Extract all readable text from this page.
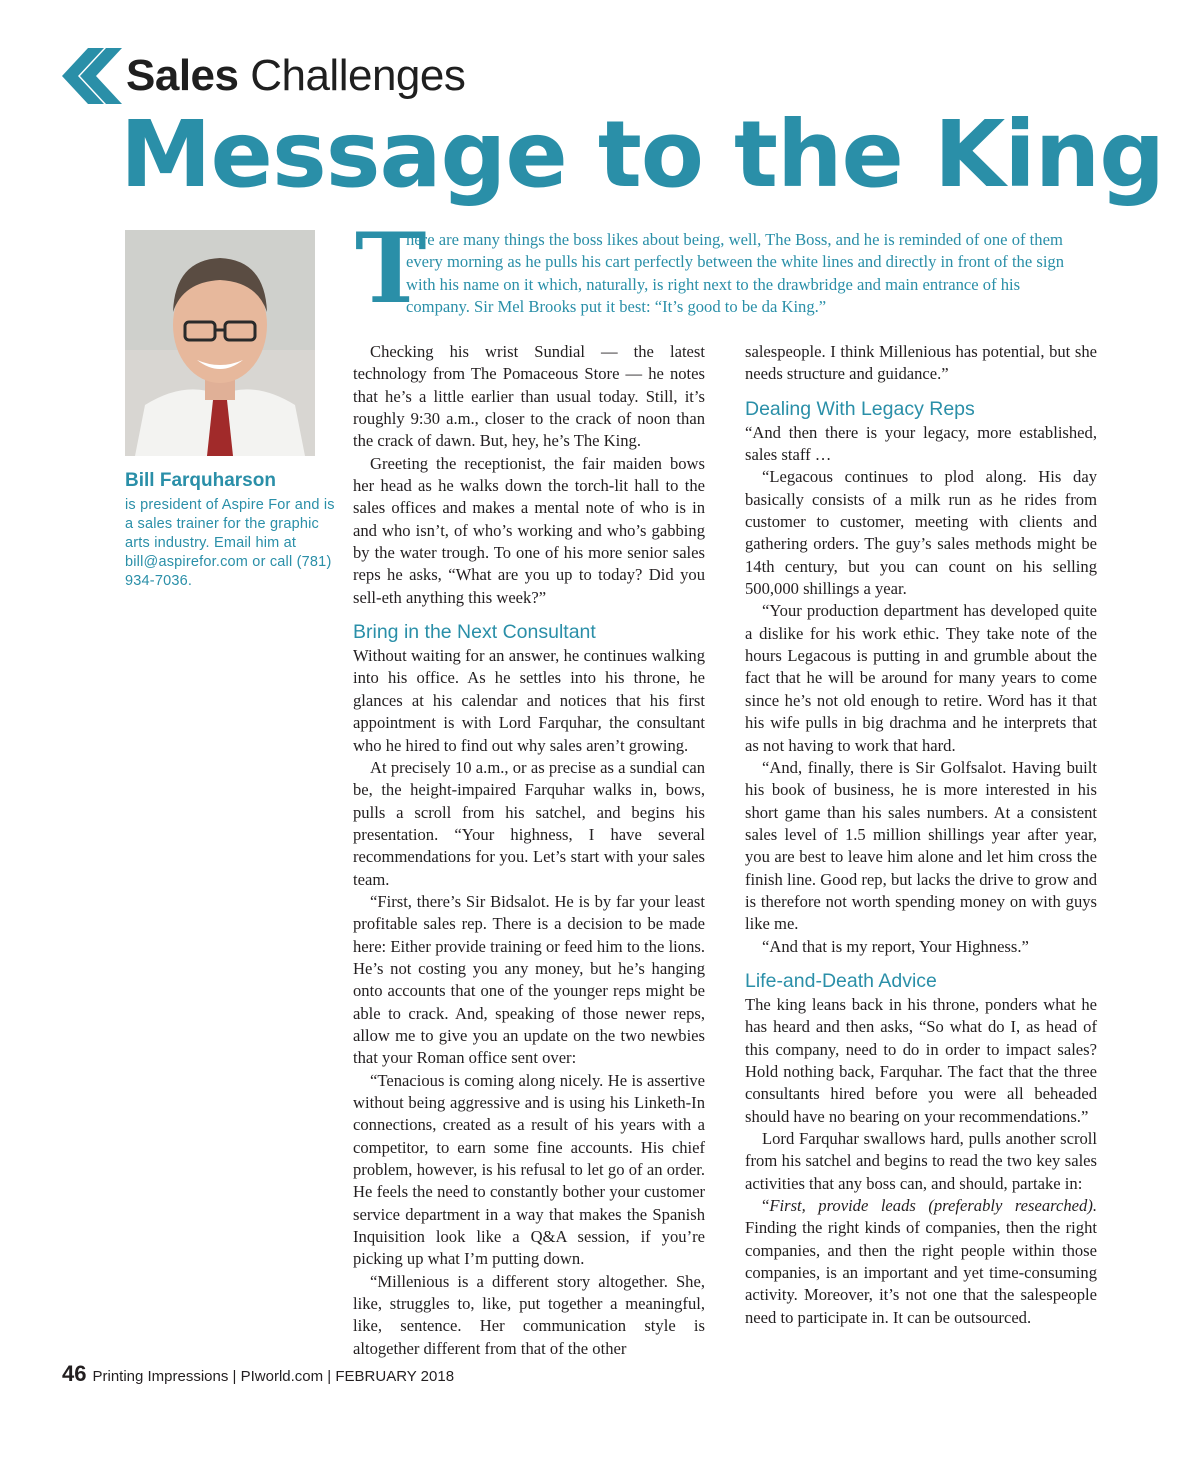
Sales Challenges
Message to the King

Bill Farquharson

is president of Aspire For and is a sales trainer for the graphic arts industry. Email him at bill@aspirefor.com or call (781) 934-7036.

T

here are many things the boss likes about being, well, The Boss, and he is reminded of one of them every morning as he pulls his cart perfectly between the white lines and directly in front of the sign with his name on it which, naturally, is right next to the drawbridge and main entrance of his company. Sir Mel Brooks put it best: “It’s good to be da King.”

Checking his wrist Sundial — the latest technology from The Pomaceous Store — he notes that he’s a little earlier than usual today. Still, it’s roughly 9:30 a.m., closer to the crack of noon than the crack of dawn. But, hey, he’s The King.

Greeting the receptionist, the fair maiden bows her head as he walks down the torch-lit hall to the sales offices and makes a mental note of who is in and who isn’t, of who’s working and who’s gabbing by the water trough. To one of his more senior sales reps he asks, “What are you up to today? Did you sell-eth anything this week?”

Bring in the Next Consultant

Without waiting for an answer, he continues walking into his office. As he settles into his throne, he glances at his calendar and notices that his first appointment is with Lord Farquhar, the consultant who he hired to find out why sales aren’t growing.

At precisely 10 a.m., or as precise as a sundial can be, the height-impaired Farquhar walks in, bows, pulls a scroll from his satchel, and begins his presentation. “Your highness, I have several recommendations for you. Let’s start with your sales team.

“First, there’s Sir Bidsalot. He is by far your least profitable sales rep. There is a decision to be made here: Either provide training or feed him to the lions. He’s not costing you any money, but he’s hanging onto accounts that one of the younger reps might be able to crack. And, speaking of those newer reps, allow me to give you an update on the two newbies that your Roman office sent over:

“Tenacious is coming along nicely. He is assertive without being aggressive and is using his Linketh-In connections, created as a result of his years with a competitor, to earn some fine accounts. His chief problem, however, is his refusal to let go of an order. He feels the need to constantly bother your customer service department in a way that makes the Spanish Inquisition look like a Q&A session, if you’re picking up what I’m putting down.

“Millenious is a different story altogether. She, like, struggles to, like, put together a meaningful, like, sentence. Her communication style is altogether different from that of the other

salespeople. I think Millenious has potential, but she needs structure and guidance.”

Dealing With Legacy Reps

“And then there is your legacy, more established, sales staff …

“Legacous continues to plod along. His day basically consists of a milk run as he rides from customer to customer, meeting with clients and gathering orders. The guy’s sales methods might be 14th century, but you can count on his selling 500,000 shillings a year.

“Your production department has developed quite a dislike for his work ethic. They take note of the hours Legacous is putting in and grumble about the fact that he will be around for many years to come since he’s not old enough to retire. Word has it that his wife pulls in big drachma and he interprets that as not having to work that hard.

“And, finally, there is Sir Golfsalot. Having built his book of business, he is more interested in his short game than his sales numbers. At a consistent sales level of 1.5 million shillings year after year, you are best to leave him alone and let him cross the finish line. Good rep, but lacks the drive to grow and is therefore not worth spending money on with guys like me.

“And that is my report, Your Highness.”

Life-and-Death Advice

The king leans back in his throne, ponders what he has heard and then asks, “So what do I, as head of this company, need to do in order to impact sales? Hold nothing back, Farquhar. The fact that the three consultants hired before you were all beheaded should have no bearing on your recommendations.”

Lord Farquhar swallows hard, pulls another scroll from his satchel and begins to read the two key sales activities that any boss can, and should, partake in:

“First, provide leads (preferably researched). Finding the right kinds of companies, then the right companies, and then the right people within those companies, is an important and yet time-consuming activity. Moreover, it’s not one that the salespeople need to participate in. It can be outsourced.

46 Printing Impressions | PIworld.com | FEBRUARY 2018
